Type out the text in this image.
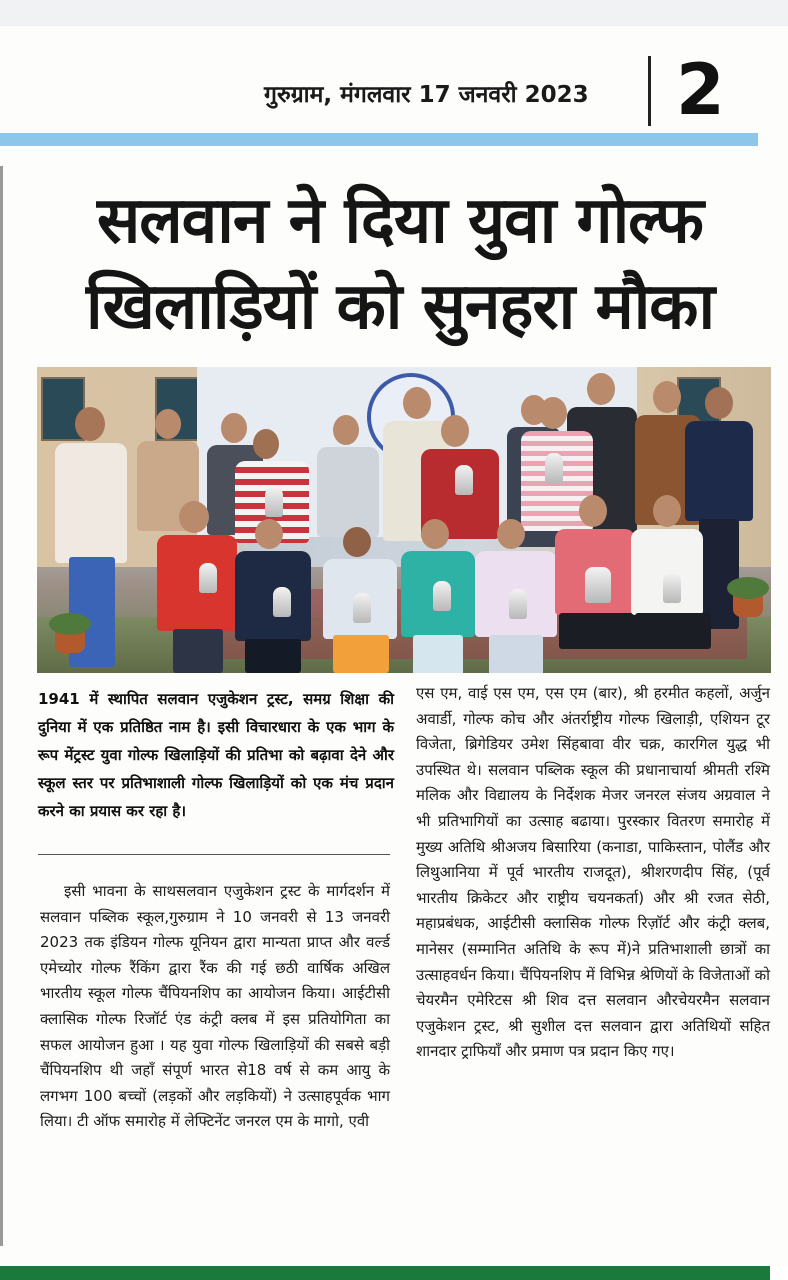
गुरुग्राम, मंगलवार 17 जनवरी 2023	2
सलवान ने दिया युवा गोल्फ
खिलाड़ियों को सुनहरा मौका
1941 में स्थापित सलवान एजुकेशन ट्रस्ट, समग्र शिक्षा की दुनिया में एक प्रतिष्ठित नाम है। इसी विचारधारा के एक भाग के रूप मेंट्रस्ट युवा गोल्फ खिलाड़ियों की प्रतिभा को बढ़ावा देने और स्कूल स्तर पर प्रतिभाशाली गोल्फ खिलाड़ियों को एक मंच प्रदान करने का प्रयास कर रहा है।

इसी भावना के साथसलवान एजुकेशन ट्रस्ट के मार्गदर्शन में सलवान पब्लिक स्कूल,गुरुग्राम ने 10 जनवरी से 13 जनवरी 2023 तक इंडियन गोल्फ यूनियन द्वारा मान्यता प्राप्त और वर्ल्ड एमेच्योर गोल्फ रैंकिंग द्वारा रैंक की गई छठी वार्षिक अखिल भारतीय स्कूल गोल्फ चैंपियनशिप का आयोजन किया। आईटीसी क्लासिक गोल्फ रिजॉर्ट एंड कंट्री क्लब में इस प्रतियोगिता का सफल आयोजन हुआ । यह युवा गोल्फ खिलाड़ियों की सबसे बड़ी चैंपियनशिप थी जहाँ संपूर्ण भारत से18 वर्ष से कम आयु के लगभग 100 बच्चों (लड़कों और लड़कियों) ने उत्साहपूर्वक भाग लिया। टी ऑफ समारोह में लेफ्टिनेंट जनरल एम के मागो, एवी

एस एम, वाई एस एम, एस एम (बार), श्री हरमीत कहलों, अर्जुन अवार्डी, गोल्फ कोच और अंतर्राष्ट्रीय गोल्फ खिलाड़ी, एशियन टूर विजेता, ब्रिगेडियर उमेश सिंहबावा वीर चक्र, कारगिल युद्ध भी उपस्थित थे। सलवान पब्लिक स्कूल की प्रधानाचार्या श्रीमती रश्मि मलिक और विद्यालय के निर्देशक मेजर जनरल संजय अग्रवाल ने भी प्रतिभागियों का उत्साह बढाया। पुरस्कार वितरण समारोह में मुख्य अतिथि श्रीअजय बिसारिया (कनाडा, पाकिस्तान, पोलैंड और लिथुआनिया में पूर्व भारतीय राजदूत), श्रीशरणदीप सिंह, (पूर्व भारतीय क्रिकेटर और राष्ट्रीय चयनकर्ता) और श्री रजत सेठी, महाप्रबंधक, आईटीसी क्लासिक गोल्फ रिज़ॉर्ट और कंट्री क्लब, मानेसर (सम्मानित अतिथि के रूप में)ने प्रतिभाशाली छात्रों का उत्साहवर्धन किया। चैंपियनशिप में विभिन्न श्रेणियों के विजेताओं को चेयरमैन एमेरिटस श्री शिव दत्त सलवान औरचेयरमैन सलवान एजुकेशन ट्रस्ट, श्री सुशील दत्त सलवान द्वारा अतिथियों सहित शानदार ट्राफियाँ और प्रमाण पत्र प्रदान किए गए।
